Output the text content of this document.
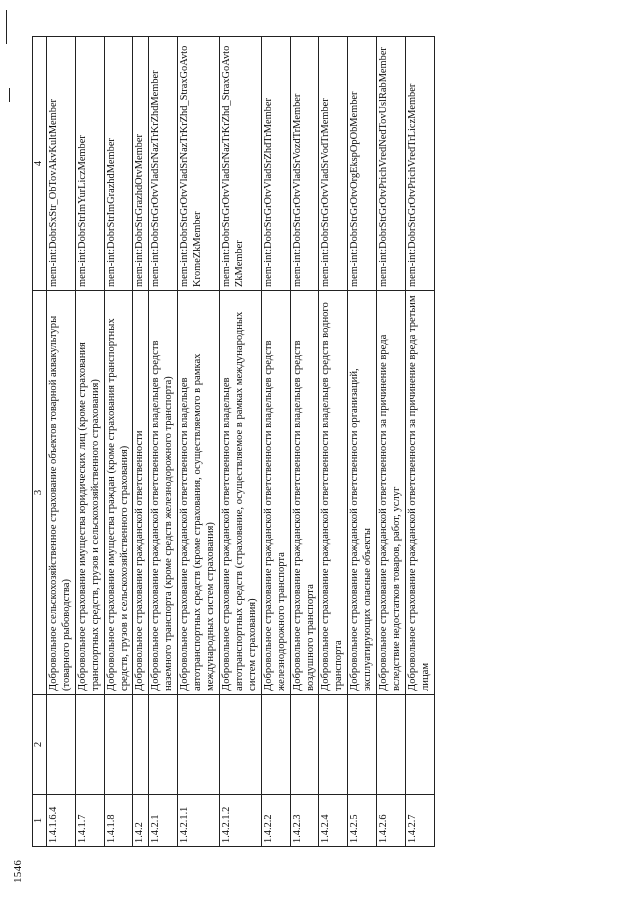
1546
1	2	3	4
1.4.1.6.4		Добровольное сельскохозяйственное страхование объектов товарной аквакультуры (товарного рыбоводства)	mem-int:DobrSxStr_ObTovAkvKultMember
1.4.1.7		Добровольное страхование имущества юридических лиц (кроме страхования транспортных средств, грузов и сельскохозяйственного страхования)	mem-int:DobrStrImYurLiczMember
1.4.1.8		Добровольное страхование имущества граждан (кроме страхования транспортных средств, грузов и сельскохозяйственного страхования)	mem-int:DobrStrImGrazhdMember
1.4.2		Добровольное страхование гражданской ответственности	mem-int:DobrStrGrazhdOtvMember
1.4.2.1		Добровольное страхование гражданской ответственности владельцев средств наземного транспорта (кроме средств железнодорожного транспорта)	mem-int:DobrStrGrOtvVladSrNazTrKrZhdMember
1.4.2.1.1		Добровольное страхование гражданской ответственности владельцев автотранспортных средств (кроме страхования, осуществляемого в рамках международных систем страхования)	mem-int:DobrStrGrOtvVladSrNazTrKrZhd_StraxGoAvtoKromeZkMember
1.4.2.1.2		Добровольное страхование гражданской ответственности владельцев автотранспортных средств (страхование, осуществляемое в рамках международных систем страхования)	mem-int:DobrStrGrOtvVladSrNazTrKrZhd_StraxGoAvtoZkMember
1.4.2.2		Добровольное страхование гражданской ответственности владельцев средств железнодорожного транспорта	mem-int:DobrStrGrOtvVladSrZhdTrMember
1.4.2.3		Добровольное страхование гражданской ответственности владельцев средств воздушного транспорта	mem-int:DobrStrGrOtvVladSrVozdTrMember
1.4.2.4		Добровольное страхование гражданской ответственности владельцев средств водного транспорта	mem-int:DobrStrGrOtvVladSrVodTrMember
1.4.2.5		Добровольное страхование гражданской ответственности организаций, эксплуатирующих опасные объекты	mem-int:DobrStrGrOtvOrgEkspOpObMember
1.4.2.6		Добровольное страхование гражданской ответственности за причинение вреда вследствие недостатков товаров, работ, услуг	mem-int:DobrStrGrOtvPrichVredNedTovUslRabMember
1.4.2.7		Добровольное страхование гражданской ответственности за причинение вреда третьим лицам	mem-int:DobrStrGrOtvPrichVredTrLiczMember
